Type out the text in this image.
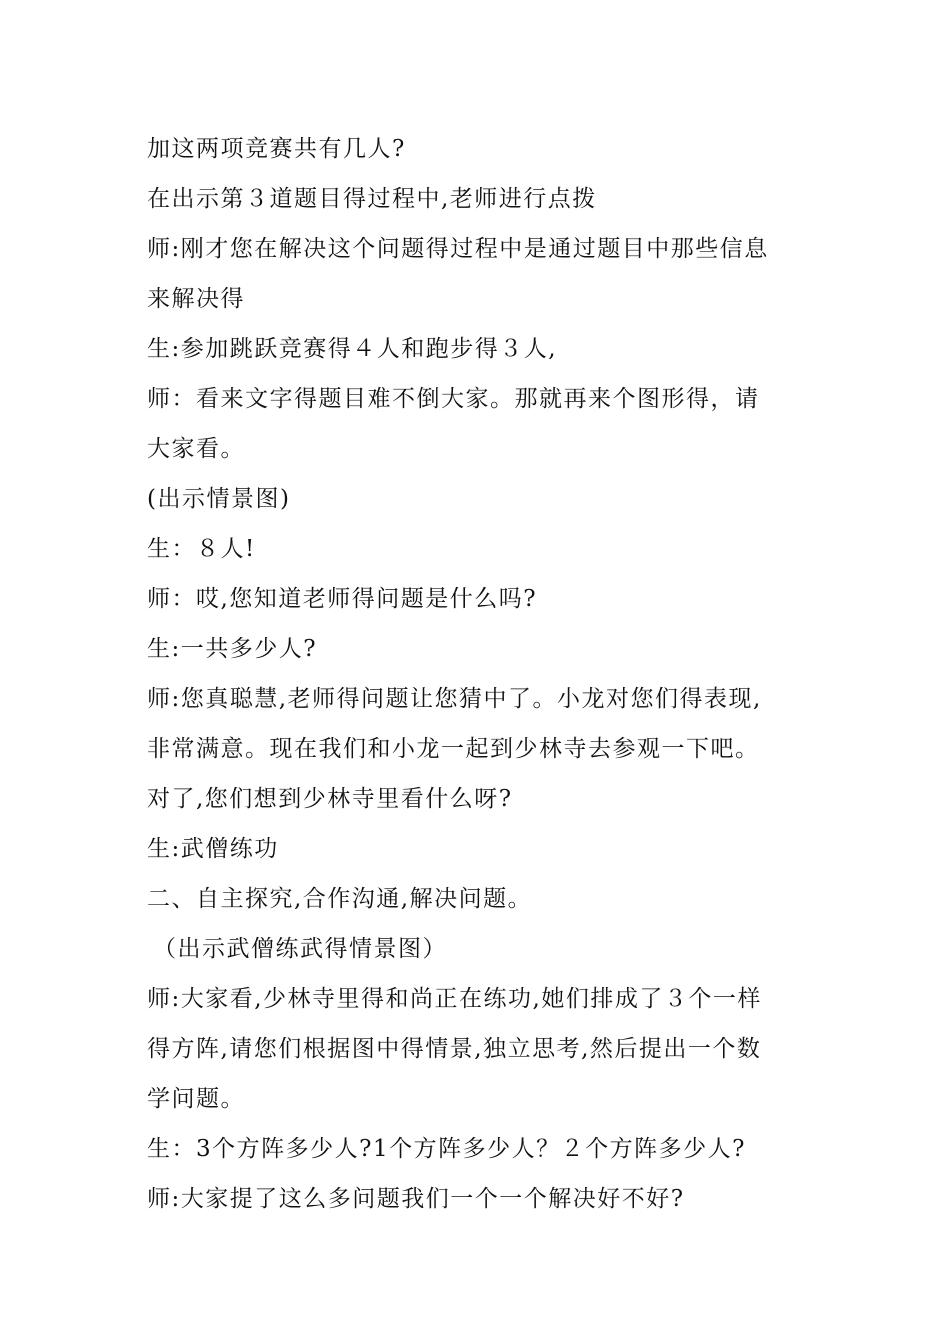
加这两项竞赛共有几人?
在出示第３道题目得过程中,老师进行点拨
师:刚才您在解决这个问题得过程中是通过题目中那些信息
来解决得
生:参加跳跃竞赛得４人和跑步得３人,
师：看来文字得题目难不倒大家。那就再来个图形得，请
大家看。
(出示情景图)
生：８人!
师：哎,您知道老师得问题是什么吗?
生:一共多少人?
师:您真聪慧,老师得问题让您猜中了。小龙对您们得表现,
非常满意。现在我们和小龙一起到少林寺去参观一下吧。
对了,您们想到少林寺里看什么呀?
生:武僧练功
二、自主探究,合作沟通,解决问题。
（出示武僧练武得情景图）
师:大家看,少林寺里得和尚正在练功,她们排成了３个一样
得方阵,请您们根据图中得情景,独立思考,然后提出一个数
学问题。
生：3个方阵多少人?1个方阵多少人？２个方阵多少人?
师:大家提了这么多问题我们一个一个解决好不好?
